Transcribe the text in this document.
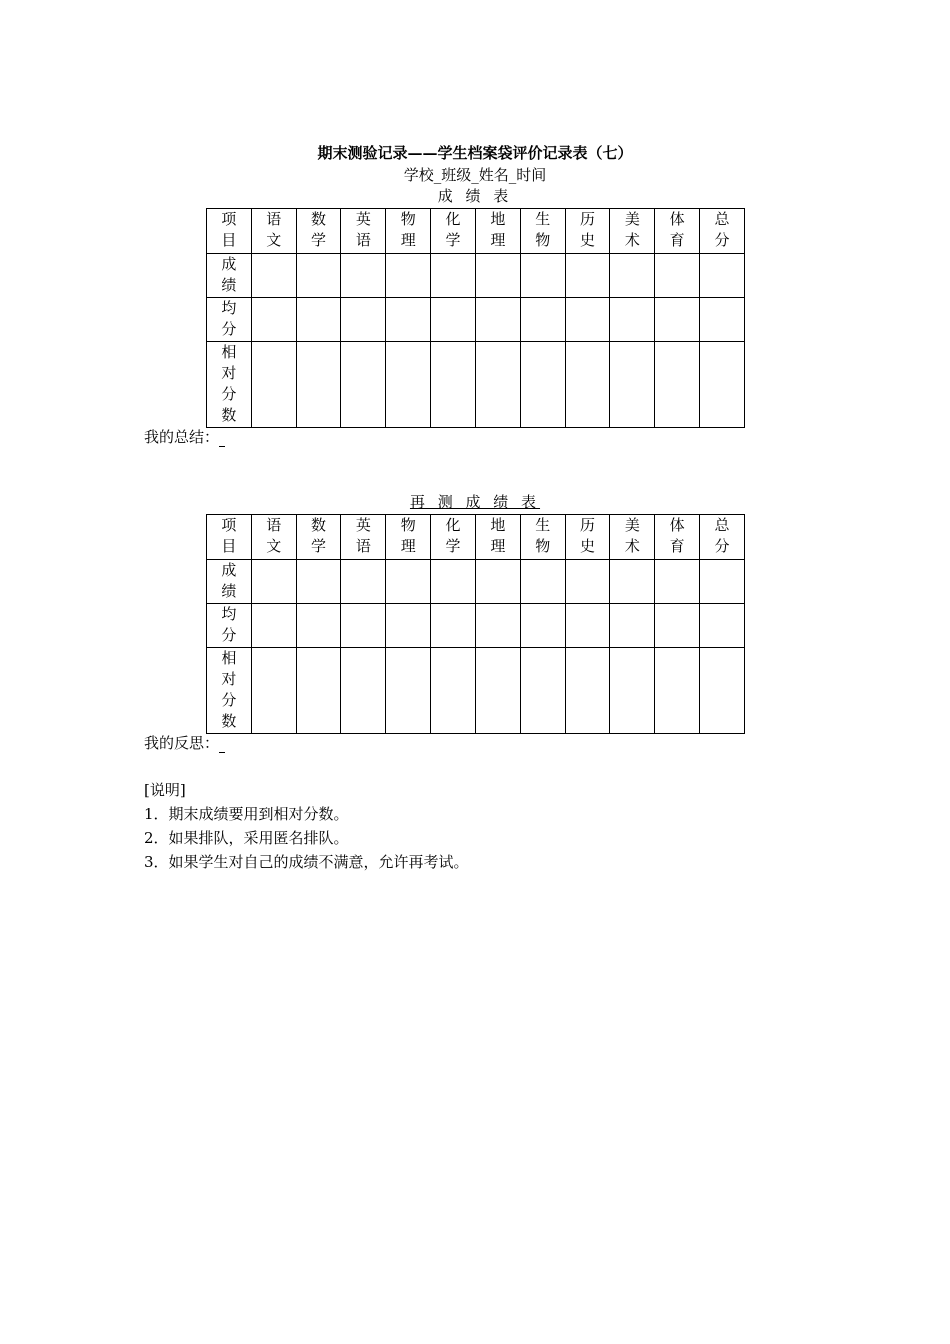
期末测验记录——学生档案袋评价记录表（七）
学校_班级_姓名_时间
成 绩 表
项目	语文	数学	英语	物理	化学	地理	生物	历史	美术	体育	总分

成绩											

均分											

相对分数											

我的总结：
再 测 成 绩 表
项目	语文	数学	英语	物理	化学	地理	生物	历史	美术	体育	总分

成绩											

均分											

相对分数											

我的反思：
[说明]
1．期末成绩要用到相对分数。
2．如果排队，采用匿名排队。
3．如果学生对自己的成绩不满意，允许再考试。
